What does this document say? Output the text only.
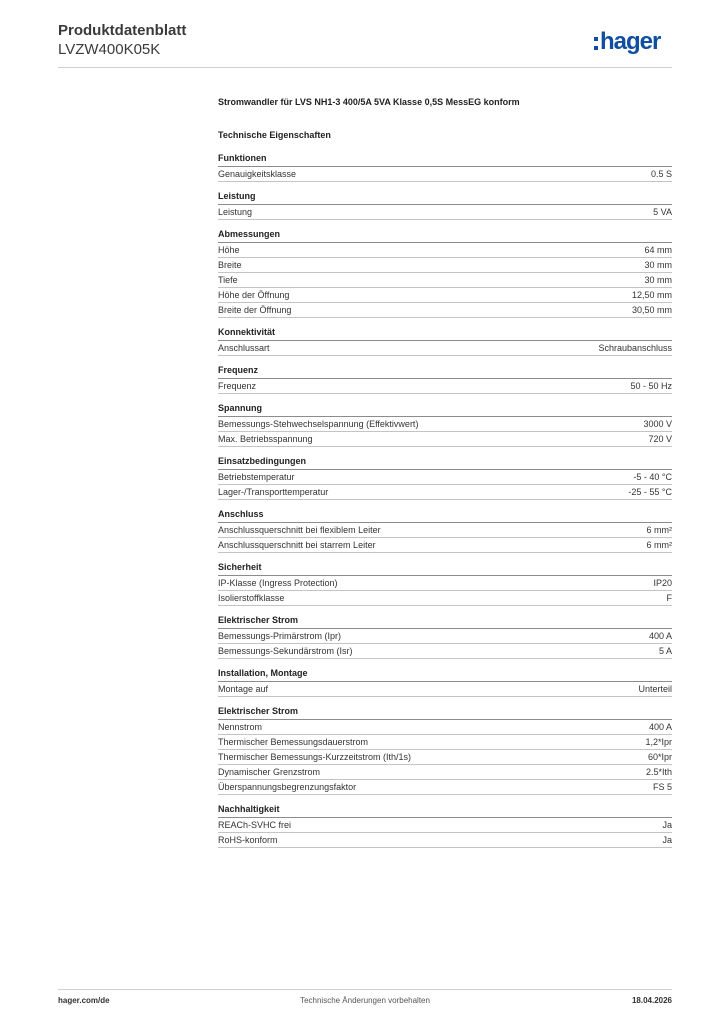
Produktdatenblatt
LVZW400K05K	hager
Stromwandler für LVS NH1-3 400/5A 5VA Klasse 0,5S MessEG konform
Technische Eigenschaften
Funktionen
Genauigkeitsklasse	0.5 S
Leistung
Leistung	5 VA
Abmessungen
Höhe	64 mm
Breite	30 mm
Tiefe	30 mm
Höhe der Öffnung	12,50 mm
Breite der Öffnung	30,50 mm
Konnektivität
Anschlussart	Schraubanschluss
Frequenz
Frequenz	50 - 50 Hz
Spannung
Bemessungs-Stehwechselspannung (Effektivwert)	3000 V
Max. Betriebsspannung	720 V
Einsatzbedingungen
Betriebstemperatur	-5 - 40 °C
Lager-/Transporttemperatur	-25 - 55 °C
Anschluss
Anschlussquerschnitt bei flexiblem Leiter	6 mm²
Anschlussquerschnitt bei starrem Leiter	6 mm²
Sicherheit
IP-Klasse (Ingress Protection)	IP20
Isolierstoffklasse	F
Elektrischer Strom
Bemessungs-Primärstrom (Ipr)	400 A
Bemessungs-Sekundärstrom (Isr)	5 A
Installation, Montage
Montage auf	Unterteil
Elektrischer Strom
Nennstrom	400 A
Thermischer Bemessungsdauerstrom	1,2*Ipr
Thermischer Bemessungs-Kurzzeitstrom (Ith/1s)	60*Ipr
Dynamischer Grenzstrom	2.5*Ith
Überspannungsbegrenzungsfaktor	FS 5
Nachhaltigkeit
REACh-SVHC frei	Ja
RoHS-konform	Ja
hager.com/de	Technische Änderungen vorbehalten	18.04.2026
